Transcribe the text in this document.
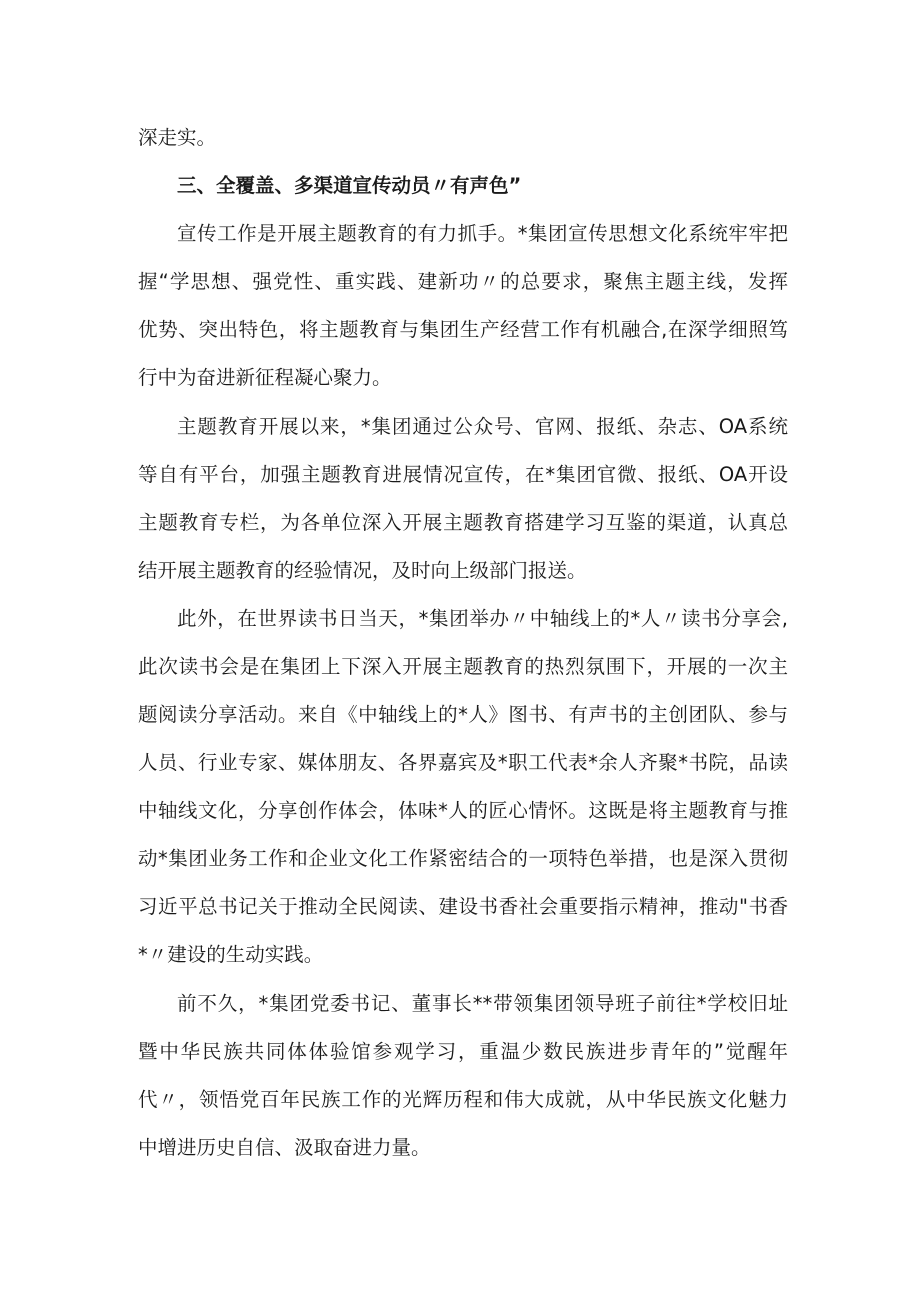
深走实。
三、全覆盖、多渠道宣传动员〃有声色”
宣传工作是开展主题教育的有力抓手。*集团宣传思想文化系统牢牢把
握“学思想、强党性、重实践、建新功〃的总要求，聚焦主题主线，发挥
优势、突出特色，将主题教育与集团生产经营工作有机融合,在深学细照笃
行中为奋进新征程凝心聚力。
主题教育开展以来，*集团通过公众号、官网、报纸、杂志、OA系统
等自有平台，加强主题教育进展情况宣传，在*集团官微、报纸、OA开设
主题教育专栏，为各单位深入开展主题教育搭建学习互鉴的渠道，认真总
结开展主题教育的经验情况，及时向上级部门报送。
此外，在世界读书日当天，*集团举办〃中轴线上的*人〃读书分享会,
此次读书会是在集团上下深入开展主题教育的热烈氛围下，开展的一次主
题阅读分享活动。来自《中轴线上的*人》图书、有声书的主创团队、参与
人员、行业专家、媒体朋友、各界嘉宾及*职工代表*余人齐聚*书院，品读
中轴线文化，分享创作体会，体味*人的匠心情怀。这既是将主题教育与推
动*集团业务工作和企业文化工作紧密结合的一项特色举措，也是深入贯彻
习近平总书记关于推动全民阅读、建设书香社会重要指示精神，推动"书香
*〃建设的生动实践。
前不久，*集团党委书记、董事长**带领集团领导班子前往*学校旧址
暨中华民族共同体体验馆参观学习，重温少数民族进步青年的”觉醒年
代〃，领悟党百年民族工作的光辉历程和伟大成就，从中华民族文化魅力
中增进历史自信、汲取奋进力量。
